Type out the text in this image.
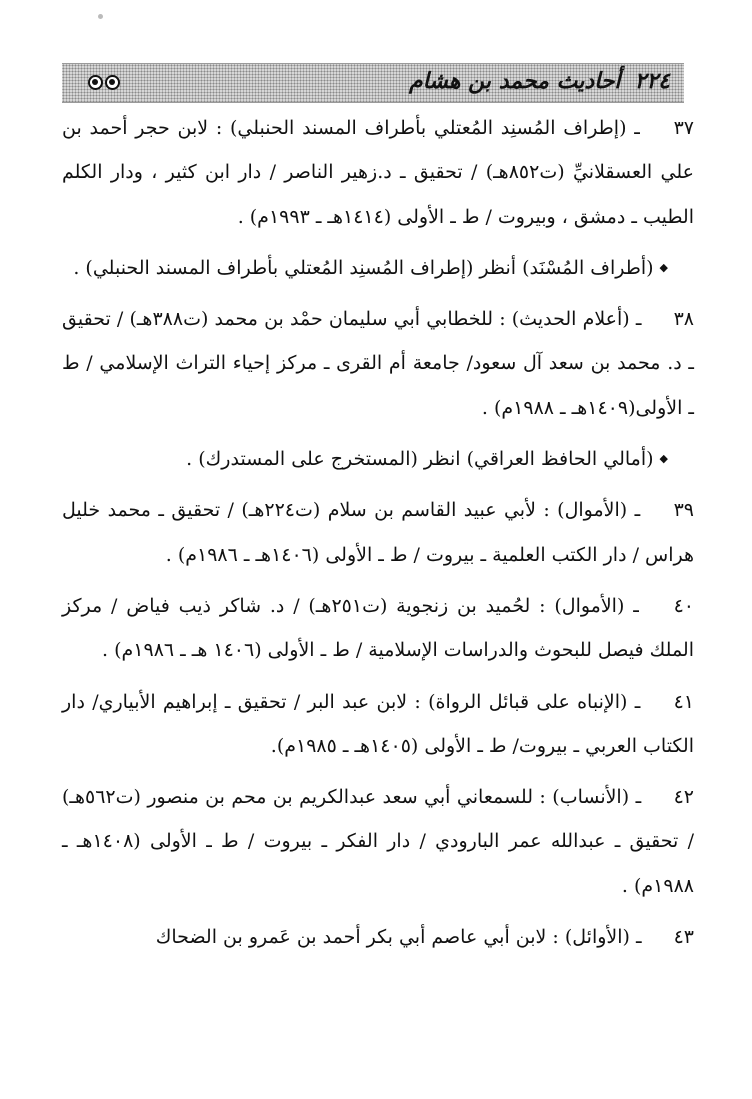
٢٢٤أحاديث محمد بن هشام

٣٧ ـ (إطراف المُسنِد المُعتلي بأطراف المسند الحنبلي) : لابن حجر أحمد بن علي العسقلانيِّ (ت٨٥٢هـ) / تحقيق ـ د.زهير الناصر / دار ابن كثير ، ودار الكلم الطيب ـ دمشق ، وبيروت / ط ـ الأولى (١٤١٤هـ ـ ١٩٩٣م) .

◆(أطراف المُسْنَد) أنظر (إطراف المُسنِد المُعتلي بأطراف المسند الحنبلي) .

٣٨ ـ (أعلام الحديث) : للخطابي أبي سليمان حمْد بن محمد (ت٣٨٨هـ) / تحقيق ـ د. محمد بن سعد آل سعود/ جامعة أم القرى ـ مركز إحياء التراث الإسلامي / ط ـ الأولى(١٤٠٩هـ ـ ١٩٨٨م) .

◆(أمالي الحافظ العراقي) انظر (المستخرج على المستدرك) .

٣٩ ـ (الأموال) : لأبي عبيد القاسم بن سلام (ت٢٢٤هـ) / تحقيق ـ محمد خليل هراس / دار الكتب العلمية ـ بيروت / ط ـ الأولى (١٤٠٦هـ ـ ١٩٨٦م) .

٤٠ ـ (الأموال) : لحُميد بن زنجوية (ت٢٥١هـ) / د. شاكر ذيب فياض / مركز الملك فيصل للبحوث والدراسات الإسلامية / ط ـ الأولى (١٤٠٦ هـ ـ ١٩٨٦م) .

٤١ ـ (الإنباه على قبائل الرواة) : لابن عبد البر / تحقيق ـ إبراهيم الأبياري/ دار الكتاب العربي ـ بيروت/ ط ـ الأولى (١٤٠٥هـ ـ ١٩٨٥م).

٤٢ ـ (الأنساب) : للسمعاني أبي سعد عبدالكريم بن محم بن منصور (ت٥٦٢هـ) / تحقيق ـ عبدالله عمر البارودي / دار الفكر ـ بيروت / ط ـ الأولى (١٤٠٨هـ ـ ١٩٨٨م) .

٤٣ ـ (الأوائل) : لابن أبي عاصم أبي بكر أحمد بن عَمرو بن الضحاك
